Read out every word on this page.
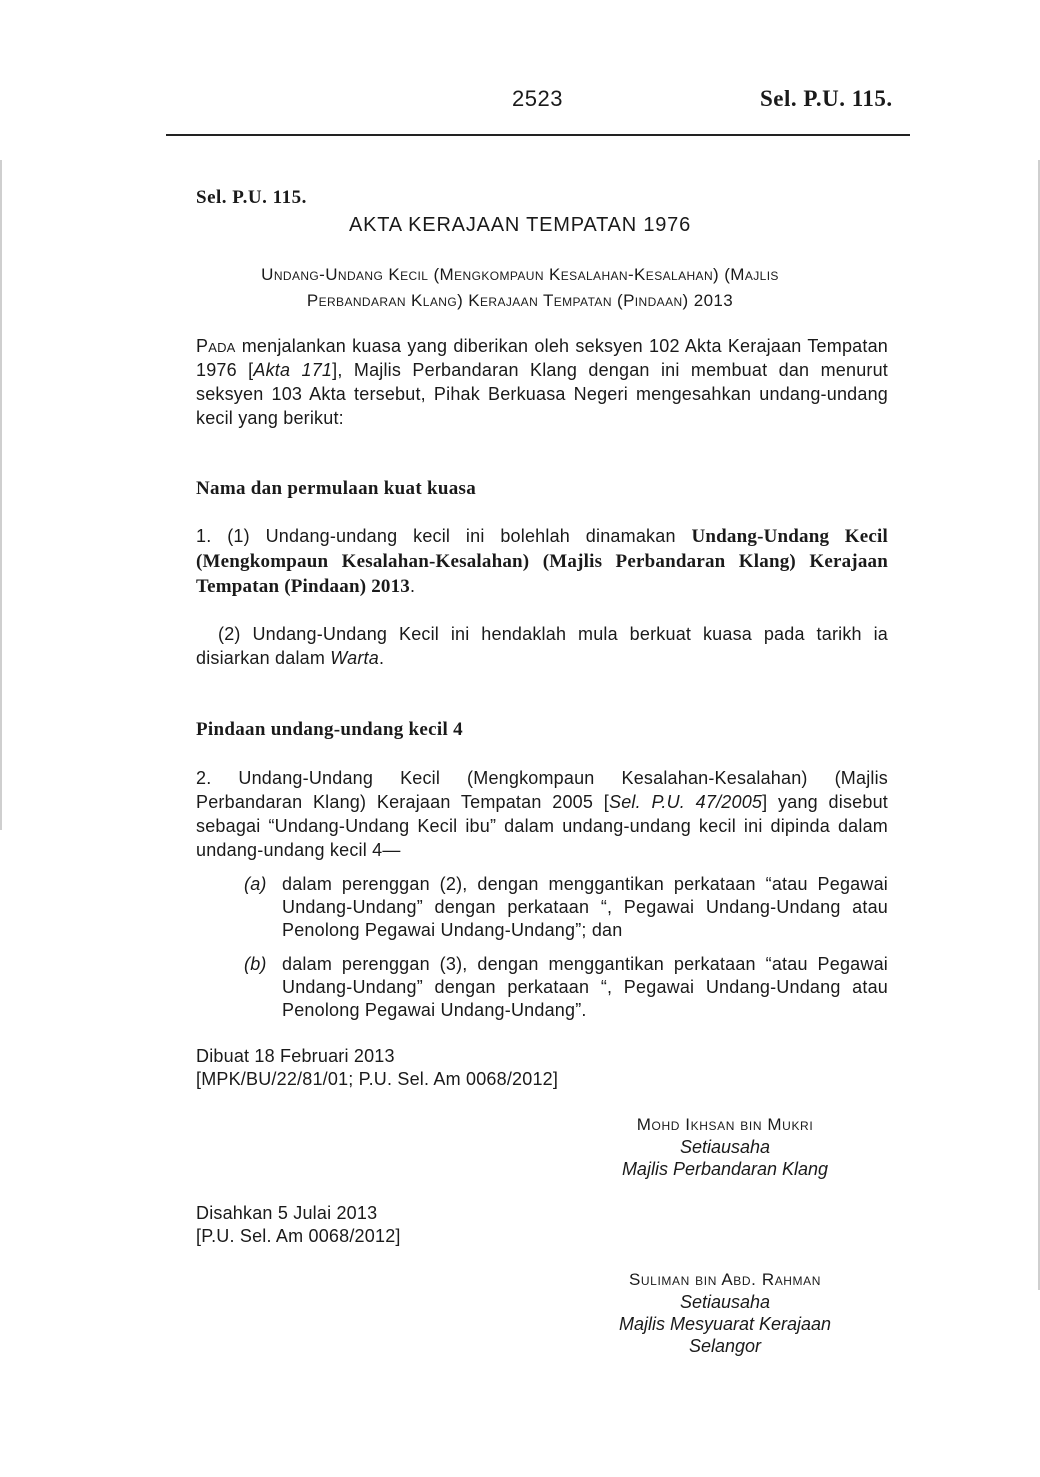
2523	Sel. P.U. 115.
Sel. P.U. 115.
AKTA KERAJAAN TEMPATAN 1976
Undang-Undang Kecil (Mengkompaun Kesalahan-Kesalahan) (Majlis
Perbandaran Klang) Kerajaan Tempatan (Pindaan) 2013
Pada menjalankan kuasa yang diberikan oleh seksyen 102 Akta Kerajaan Tempatan 1976 [Akta 171], Majlis Perbandaran Klang dengan ini membuat dan menurut seksyen 103 Akta tersebut, Pihak Berkuasa Negeri mengesahkan undang-undang kecil yang berikut:
Nama dan permulaan kuat kuasa
1. (1) Undang-undang kecil ini bolehlah dinamakan Undang-Undang Kecil (Mengkompaun Kesalahan-Kesalahan) (Majlis Perbandaran Klang) Kerajaan Tempatan (Pindaan) 2013.
(2) Undang-Undang Kecil ini hendaklah mula berkuat kuasa pada tarikh ia disiarkan dalam Warta.
Pindaan undang-undang kecil 4
2. Undang-Undang Kecil (Mengkompaun Kesalahan-Kesalahan) (Majlis Perbandaran Klang) Kerajaan Tempatan 2005 [Sel. P.U. 47/2005] yang disebut sebagai “Undang-Undang Kecil ibu” dalam undang-undang kecil ini dipinda dalam undang-undang kecil 4—
(a) dalam perenggan (2), dengan menggantikan perkataan “atau Pegawai Undang-Undang” dengan perkataan “, Pegawai Undang-Undang atau Penolong Pegawai Undang-Undang”; dan
(b) dalam perenggan (3), dengan menggantikan perkataan “atau Pegawai Undang-Undang” dengan perkataan “, Pegawai Undang-Undang atau Penolong Pegawai Undang-Undang”.
Dibuat 18 Februari 2013
[MPK/BU/22/81/01; P.U. Sel. Am 0068/2012]
Mohd Ikhsan bin Mukri
Setiausaha
Majlis Perbandaran Klang
Disahkan 5 Julai 2013
[P.U. Sel. Am 0068/2012]
Suliman bin Abd. Rahman
Setiausaha
Majlis Mesyuarat Kerajaan
Selangor
